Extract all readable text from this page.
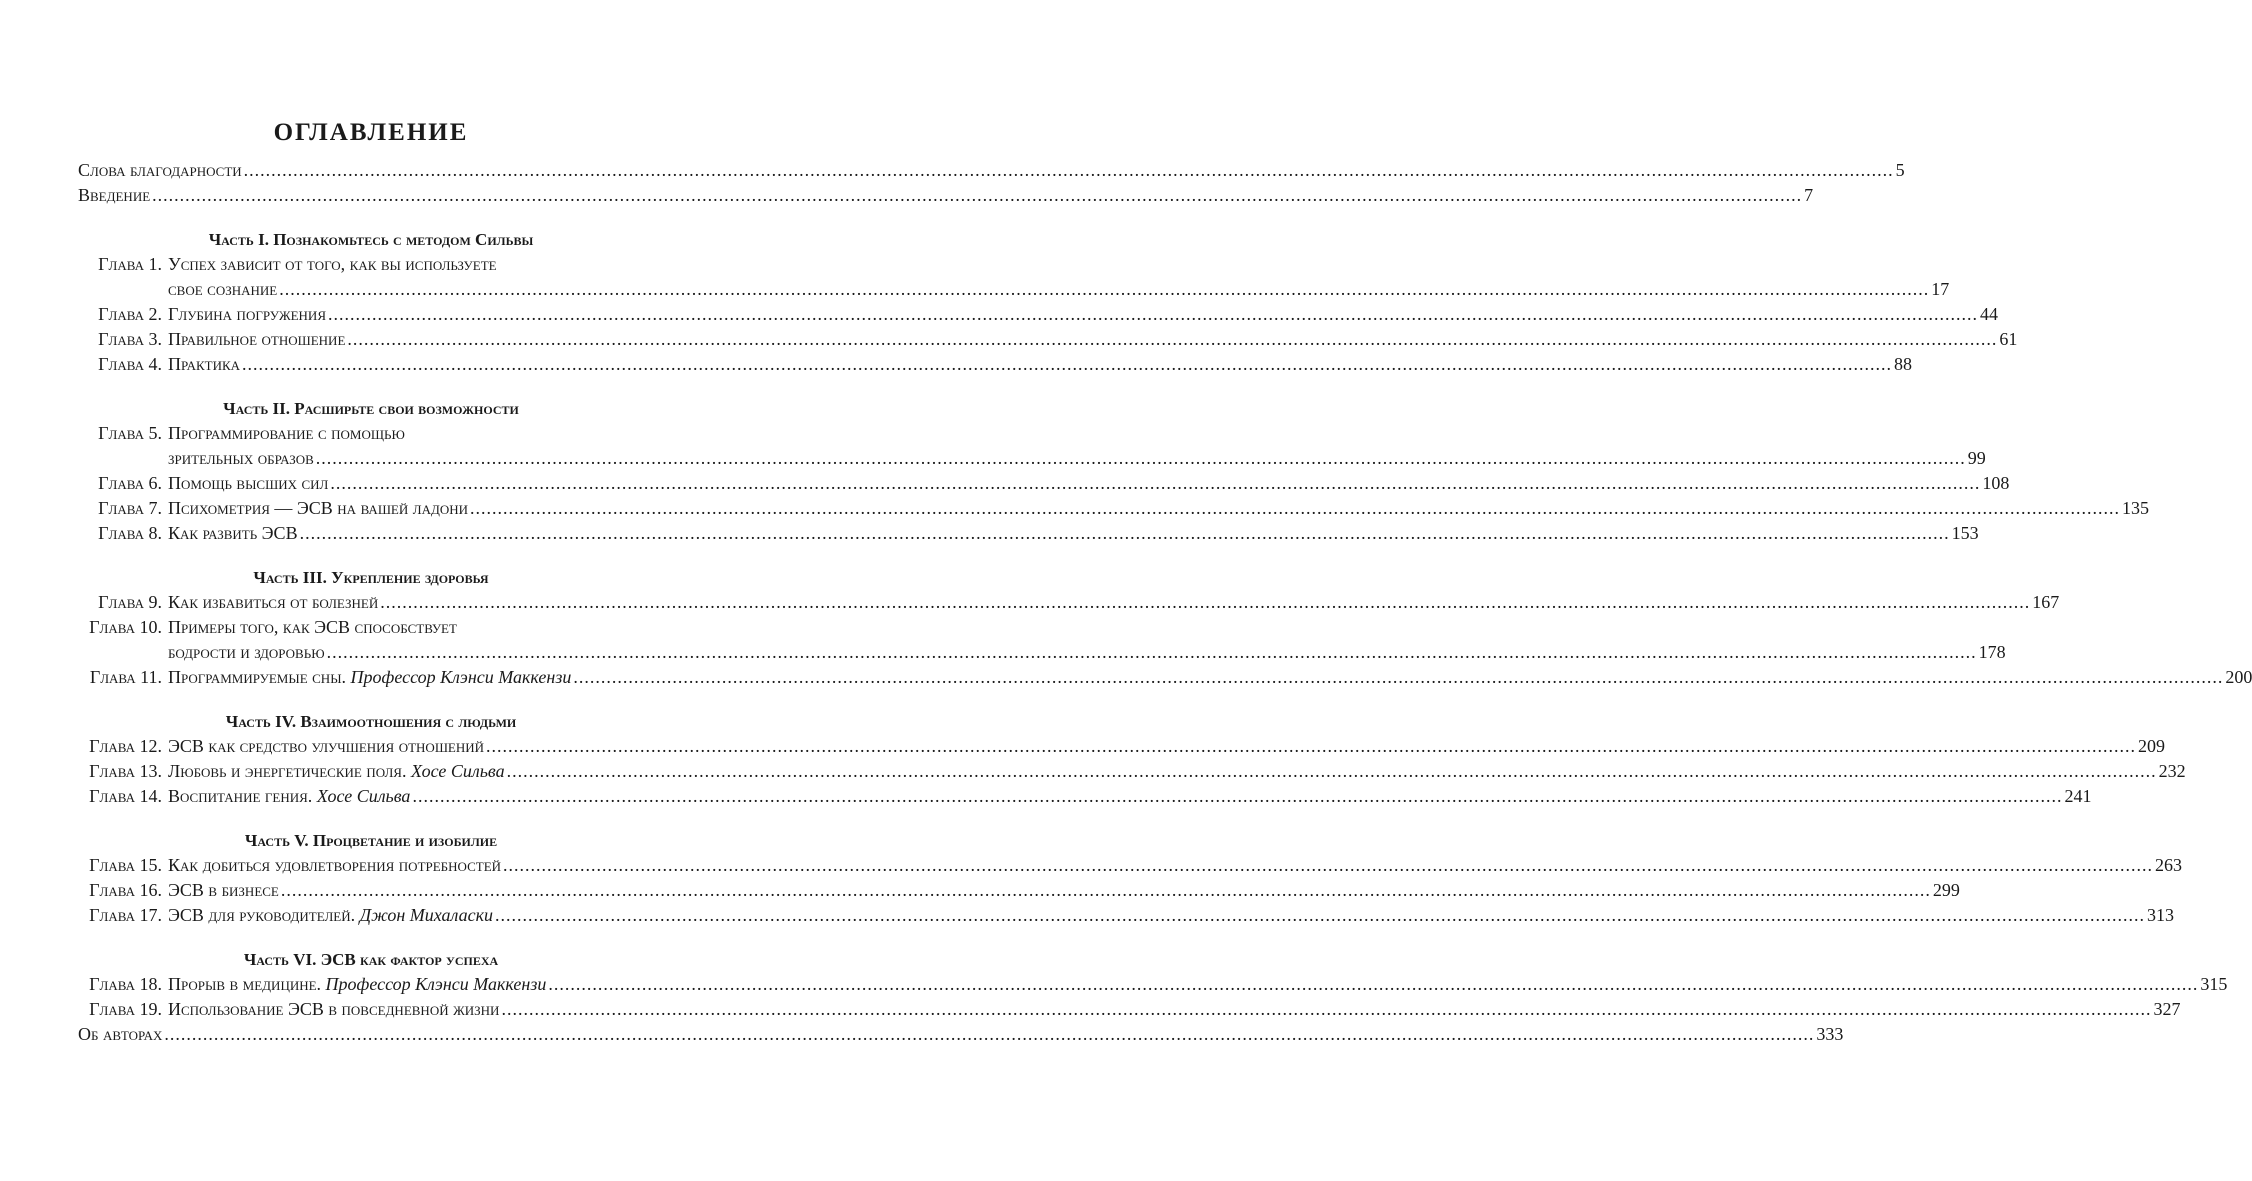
ОГЛАВЛЕНИЕ
Слова благодарности ............................................................................................................................................................................................................................................................................................................ 5
Введение ............................................................................................................................................................................................................................................................................................................ 7
Часть I. Познакомьтесь с методом Сильвы
Глава 1. Успех зависит от того, как вы используете
свое сознание ............................................................................................................................................................................................................................................................................................................ 17
Глава 2. Глубина погружения ............................................................................................................................................................................................................................................................................................................ 44
Глава 3. Правильное отношение ............................................................................................................................................................................................................................................................................................................ 61
Глава 4. Практика ............................................................................................................................................................................................................................................................................................................ 88
Часть II. Расширьте свои возможности
Глава 5. Программирование с помощью
зрительных образов ............................................................................................................................................................................................................................................................................................................ 99
Глава 6. Помощь высших сил ............................................................................................................................................................................................................................................................................................................ 108
Глава 7. Психометрия — ЭСВ на вашей ладони ............................................................................................................................................................................................................................................................................................................ 135
Глава 8. Как развить ЭСВ ............................................................................................................................................................................................................................................................................................................ 153
Часть III. Укрепление здоровья
Глава 9. Как избавиться от болезней ............................................................................................................................................................................................................................................................................................................ 167
Глава 10. Примеры того, как ЭСВ способствует
бодрости и здоровью ............................................................................................................................................................................................................................................................................................................ 178
Глава 11. Программируемые сны. Профессор Клэнси Маккензи ............................................................................................................................................................................................................................................................................................................ 200
Часть IV. Взаимоотношения с людьми
Глава 12. ЭСВ как средство улучшения отношений ............................................................................................................................................................................................................................................................................................................ 209
Глава 13. Любовь и энергетические поля. Хосе Сильва ............................................................................................................................................................................................................................................................................................................ 232
Глава 14. Воспитание гения. Хосе Сильва ............................................................................................................................................................................................................................................................................................................ 241
Часть V. Процветание и изобилие
Глава 15. Как добиться удовлетворения потребностей ............................................................................................................................................................................................................................................................................................................ 263
Глава 16. ЭСВ в бизнесе ............................................................................................................................................................................................................................................................................................................ 299
Глава 17. ЭСВ для руководителей. Джон Михаласки ............................................................................................................................................................................................................................................................................................................ 313
Часть VI. ЭСВ как фактор успеха
Глава 18. Прорыв в медицине. Профессор Клэнси Маккензи ............................................................................................................................................................................................................................................................................................................ 315
Глава 19. Использование ЭСВ в повседневной жизни ............................................................................................................................................................................................................................................................................................................ 327
Об авторах ............................................................................................................................................................................................................................................................................................................ 333
